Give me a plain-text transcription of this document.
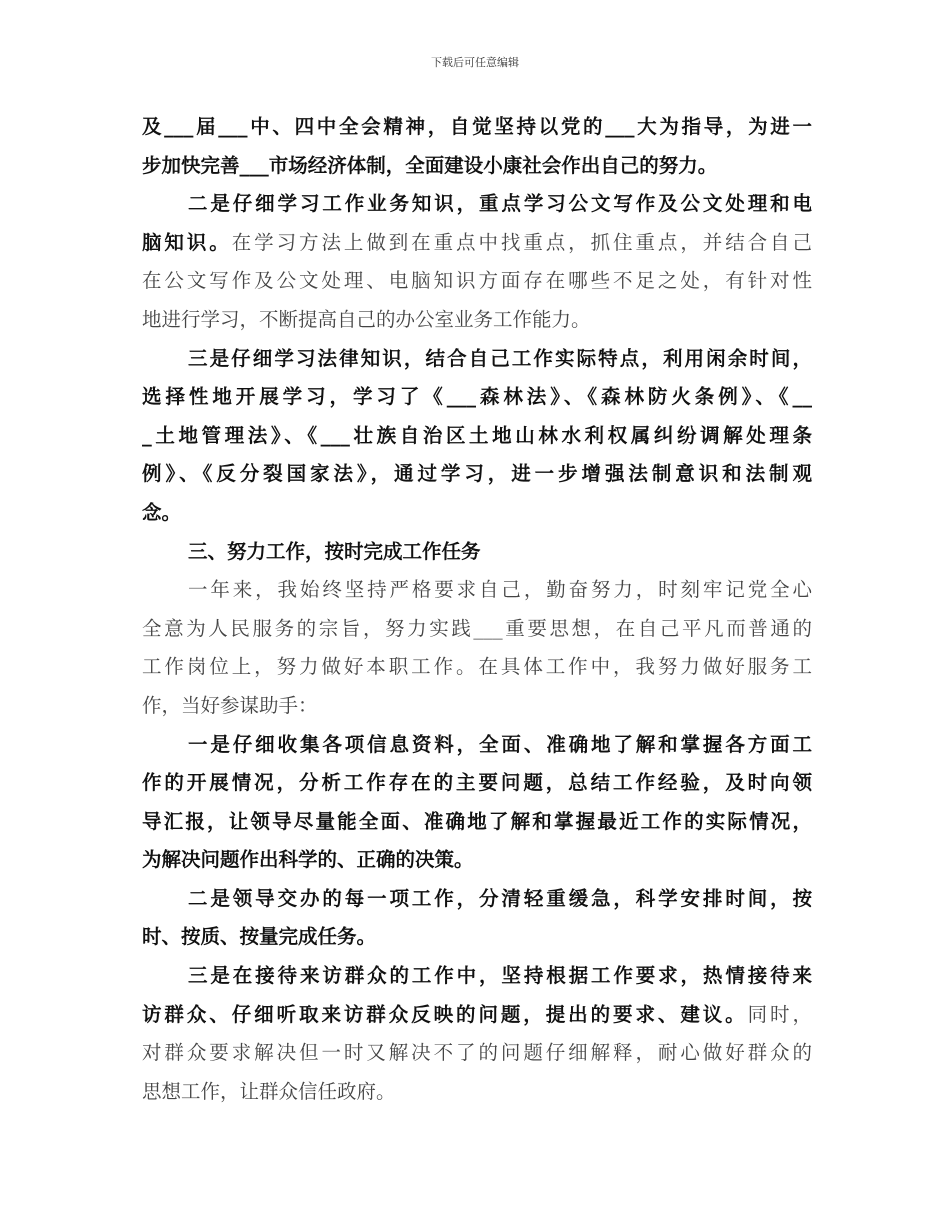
下载后可任意编辑
及___届___中、四中全会精神，自觉坚持以党的___大为指导，为进一
步加快完善___市场经济体制，全面建设小康社会作出自己的努力。
二是仔细学习工作业务知识，重点学习公文写作及公文处理和电
脑知识。在学习方法上做到在重点中找重点，抓住重点，并结合自己
在公文写作及公文处理、电脑知识方面存在哪些不足之处，有针对性
地进行学习，不断提高自己的办公室业务工作能力。
三是仔细学习法律知识，结合自己工作实际特点，利用闲余时间，
选择性地开展学习，学习了《___森林法》、《森林防火条例》、《__
_土地管理法》、《___壮族自治区土地山林水利权属纠纷调解处理条
例》、《反分裂国家法》，通过学习，进一步增强法制意识和法制观
念。
三、努力工作，按时完成工作任务
一年来，我始终坚持严格要求自己，勤奋努力，时刻牢记党全心
全意为人民服务的宗旨，努力实践___重要思想，在自己平凡而普通的
工作岗位上，努力做好本职工作。在具体工作中，我努力做好服务工
作，当好参谋助手：
一是仔细收集各项信息资料，全面、准确地了解和掌握各方面工
作的开展情况，分析工作存在的主要问题，总结工作经验，及时向领
导汇报，让领导尽量能全面、准确地了解和掌握最近工作的实际情况，
为解决问题作出科学的、正确的决策。
二是领导交办的每一项工作，分清轻重缓急，科学安排时间，按
时、按质、按量完成任务。
三是在接待来访群众的工作中，坚持根据工作要求，热情接待来
访群众、仔细听取来访群众反映的问题，提出的要求、建议。同时，
对群众要求解决但一时又解决不了的问题仔细解释，耐心做好群众的
思想工作，让群众信任政府。
